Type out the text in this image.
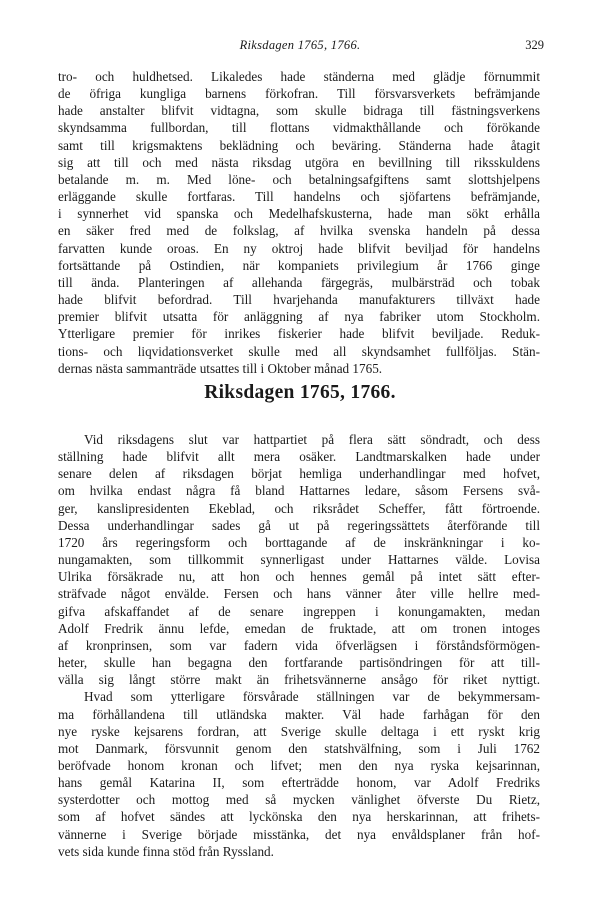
Riksdagen 1765, 1766.	329
tro- och huldhetsed. Likaledes hade ständerna med glädje förnummit
de öfriga kungliga barnens förkofran. Till försvarsverkets befrämjande
hade anstalter blifvit vidtagna, som skulle bidraga till fästningsverkens
skyndsamma fullbordan, till flottans vidmakthållande och förökande
samt till krigsmaktens beklädning och beväring. Ständerna hade åtagit
sig att till och med nästa riksdag utgöra en bevillning till riksskuldens
betalande m. m. Med löne- och betalningsafgiftens samt slottshjelpens
erläggande skulle fortfaras. Till handelns och sjöfartens befrämjande,
i synnerhet vid spanska och Medelhafskusterna, hade man sökt erhålla
en säker fred med de folkslag, af hvilka svenska handeln på dessa
farvatten kunde oroas. En ny oktroj hade blifvit beviljad för handelns
fortsättande på Ostindien, när kompaniets privilegium år 1766 ginge
till ända. Planteringen af allehanda färgegräs, mulbärsträd och tobak
hade blifvit befordrad. Till hvarjehanda manufakturers tillväxt hade
premier blifvit utsatta för anläggning af nya fabriker utom Stockholm.
Ytterligare premier för inrikes fiskerier hade blifvit beviljade. Reduk-
tions- och liqvidationsverket skulle med all skyndsamhet fullföljas. Stän-
dernas nästa sammanträde utsattes till i Oktober månad 1765.
Riksdagen 1765, 1766.
Vid riksdagens slut var hattpartiet på flera sätt söndradt, och dess
ställning hade blifvit allt mera osäker. Landtmarskalken hade under
senare delen af riksdagen börjat hemliga underhandlingar med hofvet,
om hvilka endast några få bland Hattarnes ledare, såsom Fersens svå-
ger, kanslipresidenten Ekeblad, och riksrådet Scheffer, fått förtroende.
Dessa underhandlingar sades gå ut på regeringssättets återförande till
1720 års regeringsform och borttagande af de inskränkningar i ko-
nungamakten, som tillkommit synnerligast under Hattarnes välde. Lovisa
Ulrika försäkrade nu, att hon och hennes gemål på intet sätt efter-
sträfvade något envälde. Fersen och hans vänner åter ville hellre med-
gifva afskaffandet af de senare ingreppen i konungamakten, medan
Adolf Fredrik ännu lefde, emedan de fruktade, att om tronen intoges
af kronprinsen, som var fadern vida öfverlägsen i förståndsförmögen-
heter, skulle han begagna den fortfarande partisöndringen för att till-
välla sig långt större makt än frihetsvännerne ansågo för riket nyttigt.
Hvad som ytterligare försvårade ställningen var de bekymmersam-
ma förhållandena till utländska makter. Väl hade farhågan för den
nye ryske kejsarens fordran, att Sverige skulle deltaga i ett ryskt krig
mot Danmark, försvunnit genom den statshvälfning, som i Juli 1762
beröfvade honom kronan och lifvet; men den nya ryska kejsarinnan,
hans gemål Katarina II, som efterträdde honom, var Adolf Fredriks
systerdotter och mottog med så mycken vänlighet öfverste Du Rietz,
som af hofvet sändes att lyckönska den nya herskarinnan, att frihets-
vännerne i Sverige började misstänka, det nya envåldsplaner från hof-
vets sida kunde finna stöd från Ryssland.
